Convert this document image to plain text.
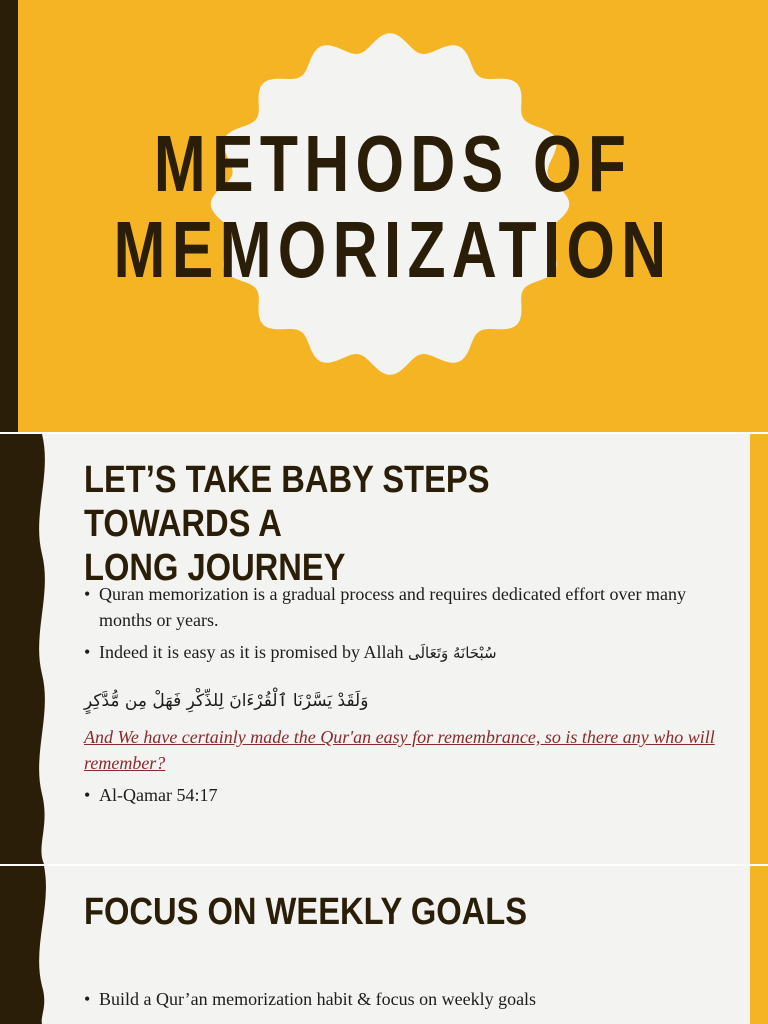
METHODS OF
MEMORIZATION
LET’S TAKE BABY STEPS TOWARDS A
LONG JOURNEY
• Quran memorization is a gradual process and requires dedicated effort over many months or years.
• Indeed it is easy as it is promised by Allah سُبْحَانَهُ وَتَعَالَى
وَلَقَدْ يَسَّرْنَا ٱلْقُرْءَانَ لِلذِّكْرِ فَهَلْ مِن مُّدَّكِرٍ
And We have certainly made the Qur'an easy for remembrance, so is there any who will remember?
• Al-Qamar 54:17
FOCUS ON WEEKLY GOALS
• Build a Qur’an memorization habit & focus on weekly goals
